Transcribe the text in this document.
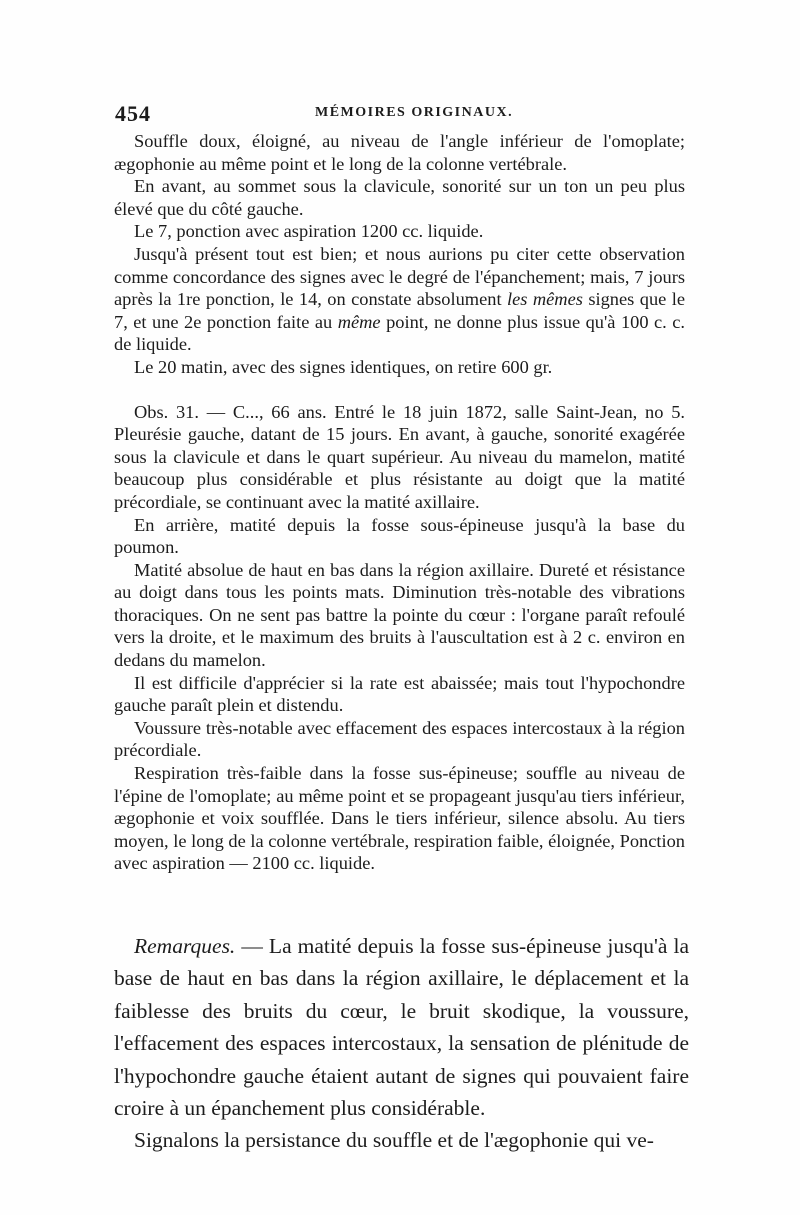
454	MÉMOIRES ORIGINAUX.

Souffle doux, éloigné, au niveau de l'angle inférieur de l'omoplate; ægophonie au même point et le long de la colonne vertébrale.

En avant, au sommet sous la clavicule, sonorité sur un ton un peu plus élevé que du côté gauche.

Le 7, ponction avec aspiration 1200 cc. liquide.

Jusqu'à présent tout est bien; et nous aurions pu citer cette observation comme concordance des signes avec le degré de l'épanchement; mais, 7 jours après la 1re ponction, le 14, on constate absolument les mêmes signes que le 7, et une 2e ponction faite au même point, ne donne plus issue qu'à 100 c. c. de liquide.

Le 20 matin, avec des signes identiques, on retire 600 gr.

Obs. 31. — C..., 66 ans. Entré le 18 juin 1872, salle Saint-Jean, no 5. Pleurésie gauche, datant de 15 jours. En avant, à gauche, sonorité exagérée sous la clavicule et dans le quart supérieur. Au niveau du mamelon, matité beaucoup plus considérable et plus résistante au doigt que la matité précordiale, se continuant avec la matité axillaire.

En arrière, matité depuis la fosse sous-épineuse jusqu'à la base du poumon.

Matité absolue de haut en bas dans la région axillaire. Dureté et résistance au doigt dans tous les points mats. Diminution très-notable des vibrations thoraciques. On ne sent pas battre la pointe du cœur : l'organe paraît refoulé vers la droite, et le maximum des bruits à l'auscultation est à 2 c. environ en dedans du mamelon.

Il est difficile d'apprécier si la rate est abaissée; mais tout l'hypochondre gauche paraît plein et distendu.

Voussure très-notable avec effacement des espaces intercostaux à la région précordiale.

Respiration très-faible dans la fosse sus-épineuse; souffle au niveau de l'épine de l'omoplate; au même point et se propageant jusqu'au tiers inférieur, ægophonie et voix soufflée. Dans le tiers inférieur, silence absolu. Au tiers moyen, le long de la colonne vertébrale, respiration faible, éloignée, Ponction avec aspiration — 2100 cc. liquide.

Remarques. — La matité depuis la fosse sus-épineuse jusqu'à la base de haut en bas dans la région axillaire, le déplacement et la faiblesse des bruits du cœur, le bruit skodique, la voussure, l'effacement des espaces intercostaux, la sensation de plénitude de l'hypochondre gauche étaient autant de signes qui pouvaient faire croire à un épanchement plus considérable.

Signalons la persistance du souffle et de l'ægophonie qui ve-
